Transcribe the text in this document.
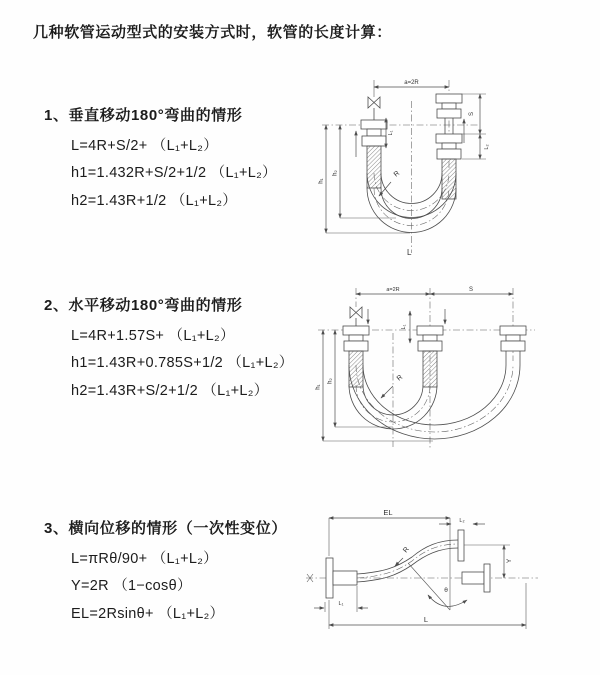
几种软管运动型式的安装方式时，软管的长度计算：
1、垂直移动180°弯曲的情形
L=4R+S/2+ （L₁+L₂）
h1=1.432R+S/2+1/2 （L₁+L₂）
h2=1.43R+1/2 （L₁+L₂）
2、水平移动180°弯曲的情形
L=4R+1.57S+ （L₁+L₂）
h1=1.43R+0.785S+1/2 （L₁+L₂）
h2=1.43R+S/2+1/2 （L₁+L₂）
3、横向位移的情形（一次性变位）
L=πRθ/90+ （L₁+L₂）
Y=2R （1−cosθ）
EL=2Rsinθ+ （L₁+L₂）
a=2R
h₁
h₂
L₁
S
L₂
R
L
a=2R	S
h₁
h₂
L₁
R
EL
L₂
θ
R
Y
L₁
L
